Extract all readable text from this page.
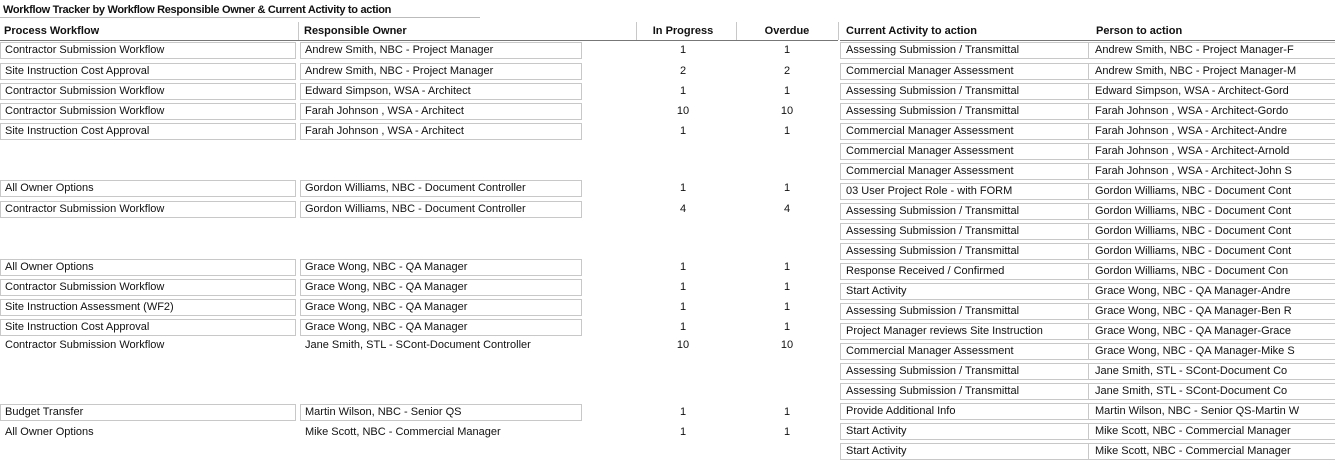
Workflow Tracker by Workflow Responsible Owner & Current Activity to action
Process Workflow	Responsible Owner	In Progress	Overdue
Contractor Submission Workflow	Andrew Smith, NBC - Project Manager	1	1
Site Instruction Cost Approval	Andrew Smith, NBC - Project Manager	2	2
Contractor Submission Workflow	Edward Simpson, WSA - Architect	1	1
Contractor Submission Workflow	Farah Johnson , WSA - Architect	10	10
Site Instruction Cost Approval	Farah Johnson , WSA - Architect	1	1
All Owner Options	Gordon Williams, NBC - Document Controller	1	1
Contractor Submission Workflow	Gordon Williams, NBC - Document Controller	4	4
All Owner Options	Grace Wong, NBC - QA Manager	1	1
Contractor Submission Workflow	Grace Wong, NBC - QA Manager	1	1
Site Instruction Assessment (WF2)	Grace Wong, NBC - QA Manager	1	1
Site Instruction Cost Approval	Grace Wong, NBC - QA Manager	1	1
Contractor Submission Workflow	Jane Smith, STL - SCont-Document Controller	10	10
Budget Transfer	Martin Wilson, NBC - Senior QS	1	1
All Owner Options	Mike Scott, NBC - Commercial Manager	1	1
Current Activity to action	Person to action
Assessing Submission / Transmittal	Andrew Smith, NBC - Project Manager-F
Commercial Manager Assessment	Andrew Smith, NBC - Project Manager-M
Assessing Submission / Transmittal	Edward Simpson, WSA - Architect-Gord
Assessing Submission / Transmittal	Farah Johnson , WSA - Architect-Gordo
Commercial Manager Assessment	Farah Johnson , WSA - Architect-Andre
Commercial Manager Assessment	Farah Johnson , WSA - Architect-Arnold
Commercial Manager Assessment	Farah Johnson , WSA - Architect-John S
03 User Project Role - with FORM	Gordon Williams, NBC - Document Cont
Assessing Submission / Transmittal	Gordon Williams, NBC - Document Cont
Assessing Submission / Transmittal	Gordon Williams, NBC - Document Cont
Assessing Submission / Transmittal	Gordon Williams, NBC - Document Cont
Response Received / Confirmed	Gordon Williams, NBC - Document Con
Start Activity	Grace Wong, NBC - QA Manager-Andre
Assessing Submission / Transmittal	Grace Wong, NBC - QA Manager-Ben R
Project Manager reviews Site Instruction	Grace Wong, NBC - QA Manager-Grace
Commercial Manager Assessment	Grace Wong, NBC - QA Manager-Mike S
Assessing Submission / Transmittal	Jane Smith, STL - SCont-Document Co
Assessing Submission / Transmittal	Jane Smith, STL - SCont-Document Co
Provide Additional Info	Martin Wilson, NBC - Senior QS-Martin W
Start Activity	Mike Scott, NBC - Commercial Manager
Start Activity	Mike Scott, NBC - Commercial Manager
